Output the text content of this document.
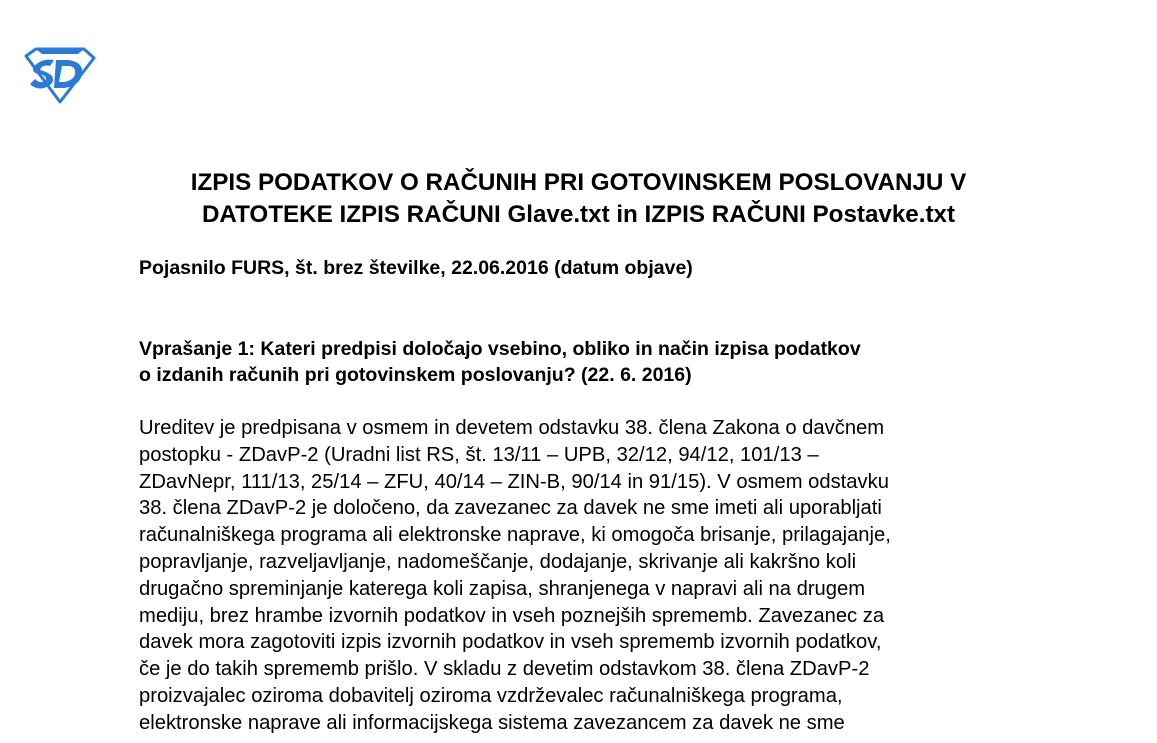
IZPIS PODATKOV O RAČUNIH PRI GOTOVINSKEM POSLOVANJU V
DATOTEKE IZPIS RAČUNI Glave.txt in IZPIS RAČUNI Postavke.txt

Pojasnilo FURS, št. brez številke, 22.06.2016 (datum objave)

Vprašanje 1: Kateri predpisi določajo vsebino, obliko in način izpisa podatkov
o izdanih računih pri gotovinskem poslovanju? (22. 6. 2016)

Ureditev je predpisana v osmem in devetem odstavku 38. člena Zakona o davčnem
postopku - ZDavP-2 (Uradni list RS, št. 13/11 – UPB, 32/12, 94/12, 101/13 –
ZDavNepr, 111/13, 25/14 – ZFU, 40/14 – ZIN-B, 90/14 in 91/15). V osmem odstavku
38. člena ZDavP-2 je določeno, da zavezanec za davek ne sme imeti ali uporabljati
računalniškega programa ali elektronske naprave, ki omogoča brisanje, prilagajanje,
popravljanje, razveljavljanje, nadomeščanje, dodajanje, skrivanje ali kakršno koli
drugačno spreminjanje katerega koli zapisa, shranjenega v napravi ali na drugem
mediju, brez hrambe izvornih podatkov in vseh poznejših sprememb. Zavezanec za
davek mora zagotoviti izpis izvornih podatkov in vseh sprememb izvornih podatkov,
če je do takih sprememb prišlo. V skladu z devetim odstavkom 38. člena ZDavP-2
proizvajalec oziroma dobavitelj oziroma vzdrževalec računalniškega programa,
elektronske naprave ali informacijskega sistema zavezancem za davek ne sme
